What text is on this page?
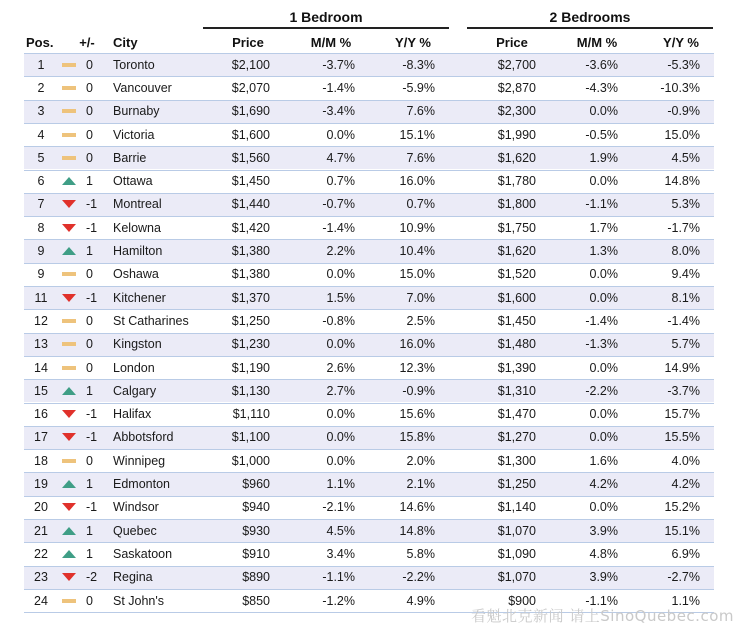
1 Bedroom	2 Bedrooms
Pos.	+/-	City	Price	M/M %	Y/Y %	Price	M/M %	Y/Y %
1	0	Toronto	$2,100	-3.7%	-8.3%	$2,700	-3.6%	-5.3%
2	0	Vancouver	$2,070	-1.4%	-5.9%	$2,870	-4.3%	-10.3%
3	0	Burnaby	$1,690	-3.4%	7.6%	$2,300	0.0%	-0.9%
4	0	Victoria	$1,600	0.0%	15.1%	$1,990	-0.5%	15.0%
5	0	Barrie	$1,560	4.7%	7.6%	$1,620	1.9%	4.5%
6	1	Ottawa	$1,450	0.7%	16.0%	$1,780	0.0%	14.8%
7	-1	Montreal	$1,440	-0.7%	0.7%	$1,800	-1.1%	5.3%
8	-1	Kelowna	$1,420	-1.4%	10.9%	$1,750	1.7%	-1.7%
9	1	Hamilton	$1,380	2.2%	10.4%	$1,620	1.3%	8.0%
9	0	Oshawa	$1,380	0.0%	15.0%	$1,520	0.0%	9.4%
11	-1	Kitchener	$1,370	1.5%	7.0%	$1,600	0.0%	8.1%
12	0	St Catharines	$1,250	-0.8%	2.5%	$1,450	-1.4%	-1.4%
13	0	Kingston	$1,230	0.0%	16.0%	$1,480	-1.3%	5.7%
14	0	London	$1,190	2.6%	12.3%	$1,390	0.0%	14.9%
15	1	Calgary	$1,130	2.7%	-0.9%	$1,310	-2.2%	-3.7%
16	-1	Halifax	$1,110	0.0%	15.6%	$1,470	0.0%	15.7%
17	-1	Abbotsford	$1,100	0.0%	15.8%	$1,270	0.0%	15.5%
18	0	Winnipeg	$1,000	0.0%	2.0%	$1,300	1.6%	4.0%
19	1	Edmonton	$960	1.1%	2.1%	$1,250	4.2%	4.2%
20	-1	Windsor	$940	-2.1%	14.6%	$1,140	0.0%	15.2%
21	1	Quebec	$930	4.5%	14.8%	$1,070	3.9%	15.1%
22	1	Saskatoon	$910	3.4%	5.8%	$1,090	4.8%	6.9%
23	-2	Regina	$890	-1.1%	-2.2%	$1,070	3.9%	-2.7%
24	0	St John's	$850	-1.2%	4.9%	$900	-1.1%	1.1%
看魁北克新闻 请上SinoQuebec.com
